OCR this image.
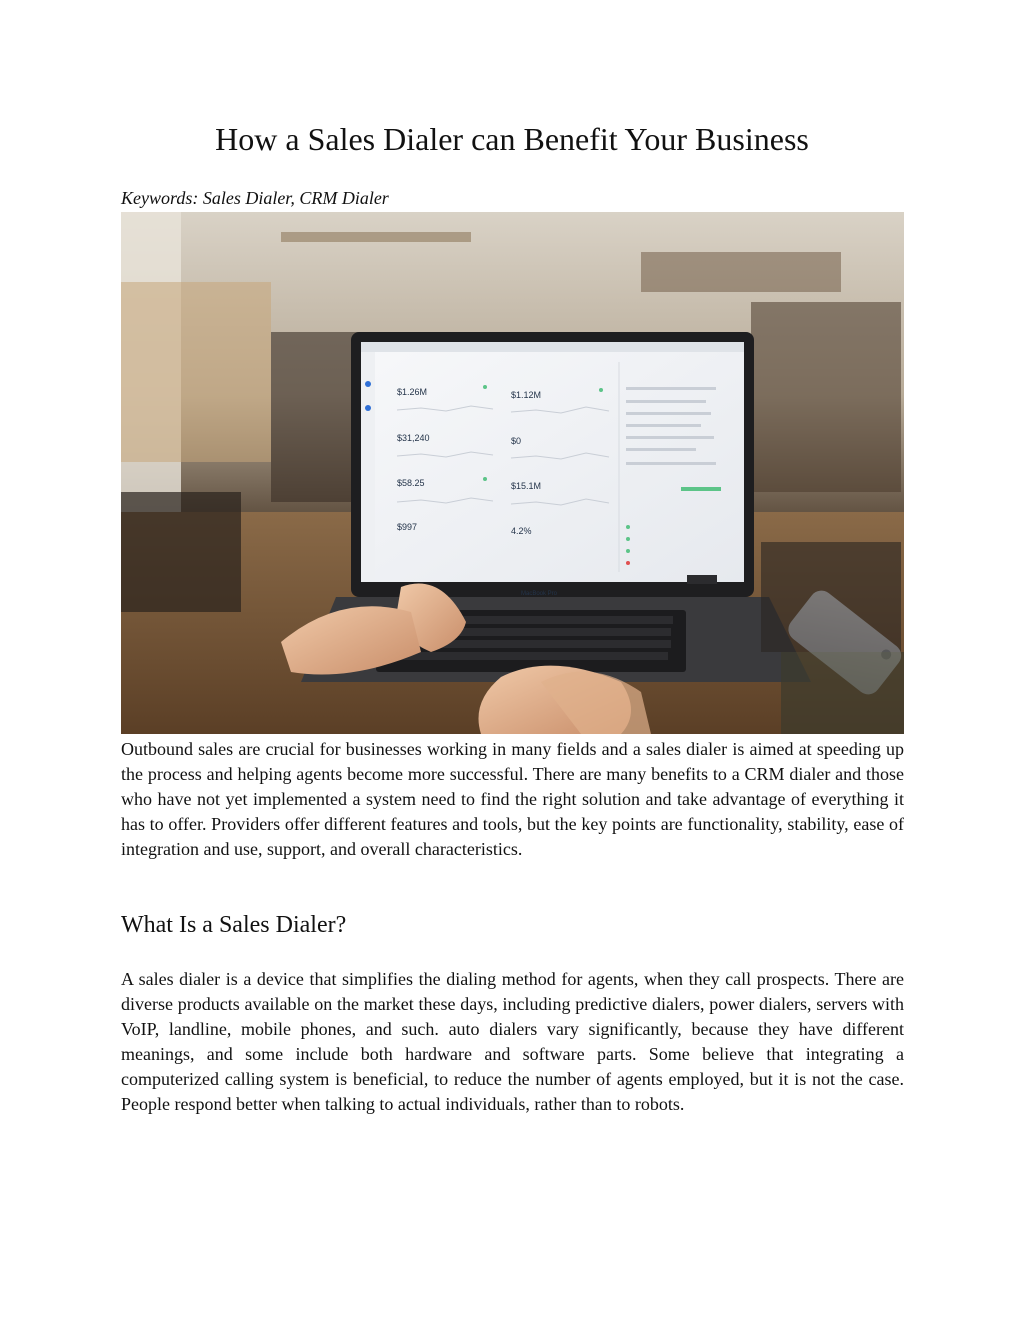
How a Sales Dialer can Benefit Your Business

Keywords: Sales Dialer, CRM Dialer

$1.26M	$1.12M
$31,240	$0
$58.25	$15.1M
$997	4.2%
MacBook Pro

Outbound sales are crucial for businesses working in many fields and a sales dialer is aimed at speeding up the process and helping agents become more successful. There are many benefits to a CRM dialer and those who have not yet implemented a system need to find the right solution and take advantage of everything it has to offer. Providers offer different features and tools, but the key points are functionality, stability, ease of integration and use, support, and overall characteristics.

What Is a Sales Dialer?

A sales dialer is a device that simplifies the dialing method for agents, when they call prospects. There are diverse products available on the market these days, including predictive dialers, power dialers, servers with VoIP, landline, mobile phones, and such. auto dialers vary significantly, because they have different meanings, and some include both hardware and software parts. Some believe that integrating a computerized calling system is beneficial, to reduce the number of agents employed, but it is not the case. People respond better when talking to actual individuals, rather than to robots.
